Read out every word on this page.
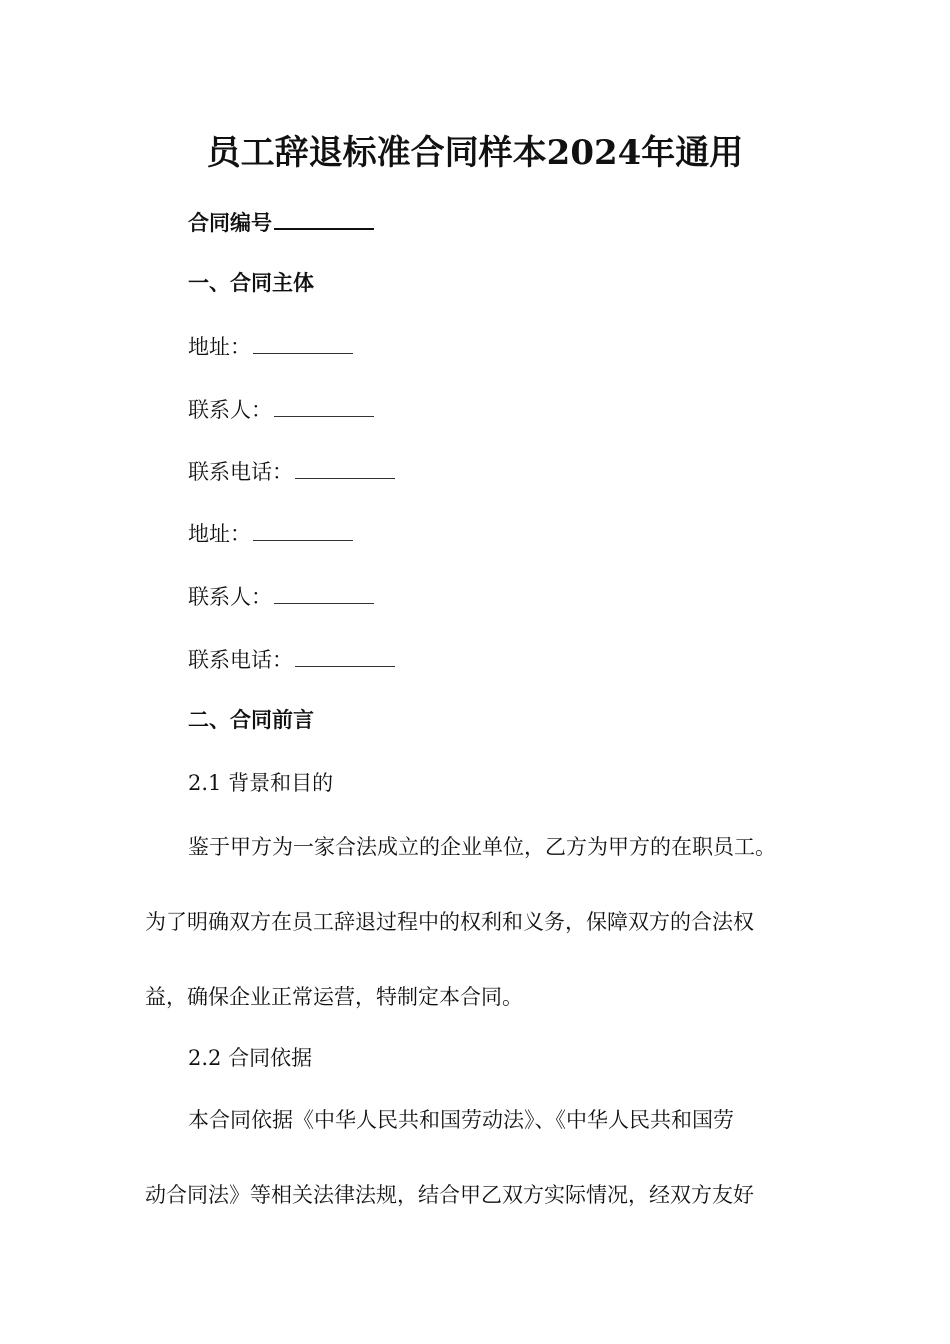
员工辞退标准合同样本2024年通用
合同编号
一、合同主体
地址：
联系人：
联系电话：
地址：
联系人：
联系电话：
二、合同前言
2.1 背景和目的
鉴于甲方为一家合法成立的企业单位，乙方为甲方的在职员工。
为了明确双方在员工辞退过程中的权利和义务，保障双方的合法权
益，确保企业正常运营，特制定本合同。
2.2 合同依据
本合同依据《中华人民共和国劳动法》、《中华人民共和国劳
动合同法》等相关法律法规，结合甲乙双方实际情况，经双方友好
